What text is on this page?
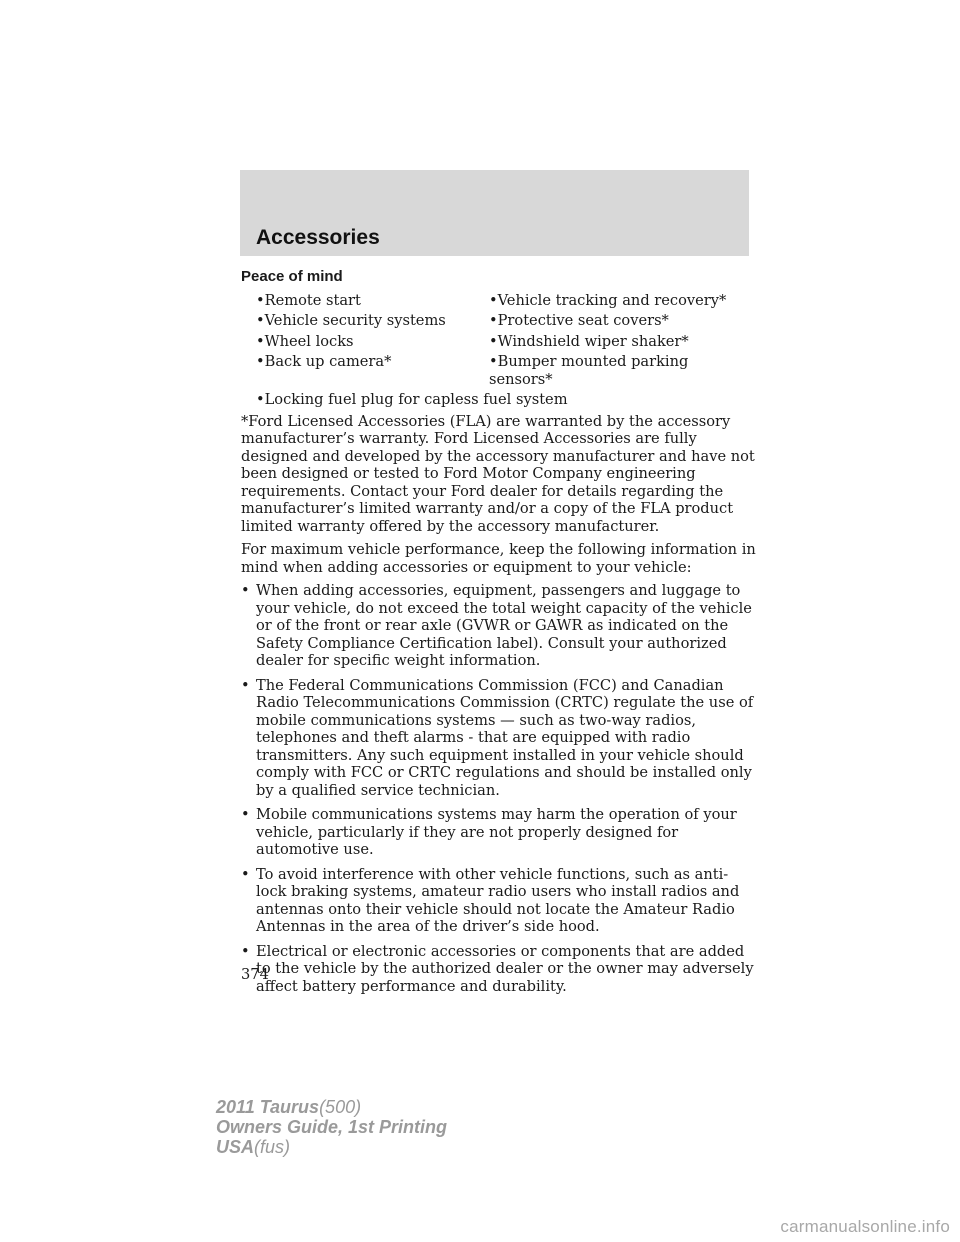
Accessories
Peace of mind
•Remote start	•Vehicle tracking and recovery*
•Vehicle security systems	•Protective seat covers*
•Wheel locks	•Windshield wiper shaker*
•Back up camera*	•Bumper mounted parking sensors*
•Locking fuel plug for capless fuel system

*Ford Licensed Accessories (FLA) are warranted by the accessory manufacturer’s warranty. Ford Licensed Accessories are fully designed and developed by the accessory manufacturer and have not been designed or tested to Ford Motor Company engineering requirements. Contact your Ford dealer for details regarding the manufacturer’s limited warranty and/or a copy of the FLA product limited warranty offered by the accessory manufacturer.

For maximum vehicle performance, keep the following information in mind when adding accessories or equipment to your vehicle:

• When adding accessories, equipment, passengers and luggage to your vehicle, do not exceed the total weight capacity of the vehicle or of the front or rear axle (GVWR or GAWR as indicated on the Safety Compliance Certification label). Consult your authorized dealer for specific weight information.
• The Federal Communications Commission (FCC) and Canadian Radio Telecommunications Commission (CRTC) regulate the use of mobile communications systems — such as two-way radios, telephones and theft alarms - that are equipped with radio transmitters. Any such equipment installed in your vehicle should comply with FCC or CRTC regulations and should be installed only by a qualified service technician.
• Mobile communications systems may harm the operation of your vehicle, particularly if they are not properly designed for automotive use.
• To avoid interference with other vehicle functions, such as anti-lock braking systems, amateur radio users who install radios and antennas onto their vehicle should not locate the Amateur Radio Antennas in the area of the driver’s side hood.
• Electrical or electronic accessories or components that are added to the vehicle by the authorized dealer or the owner may adversely affect battery performance and durability.
374
2011 Taurus(500)
Owners Guide, 1st Printing
USA(fus)
carmanualsonline.info
